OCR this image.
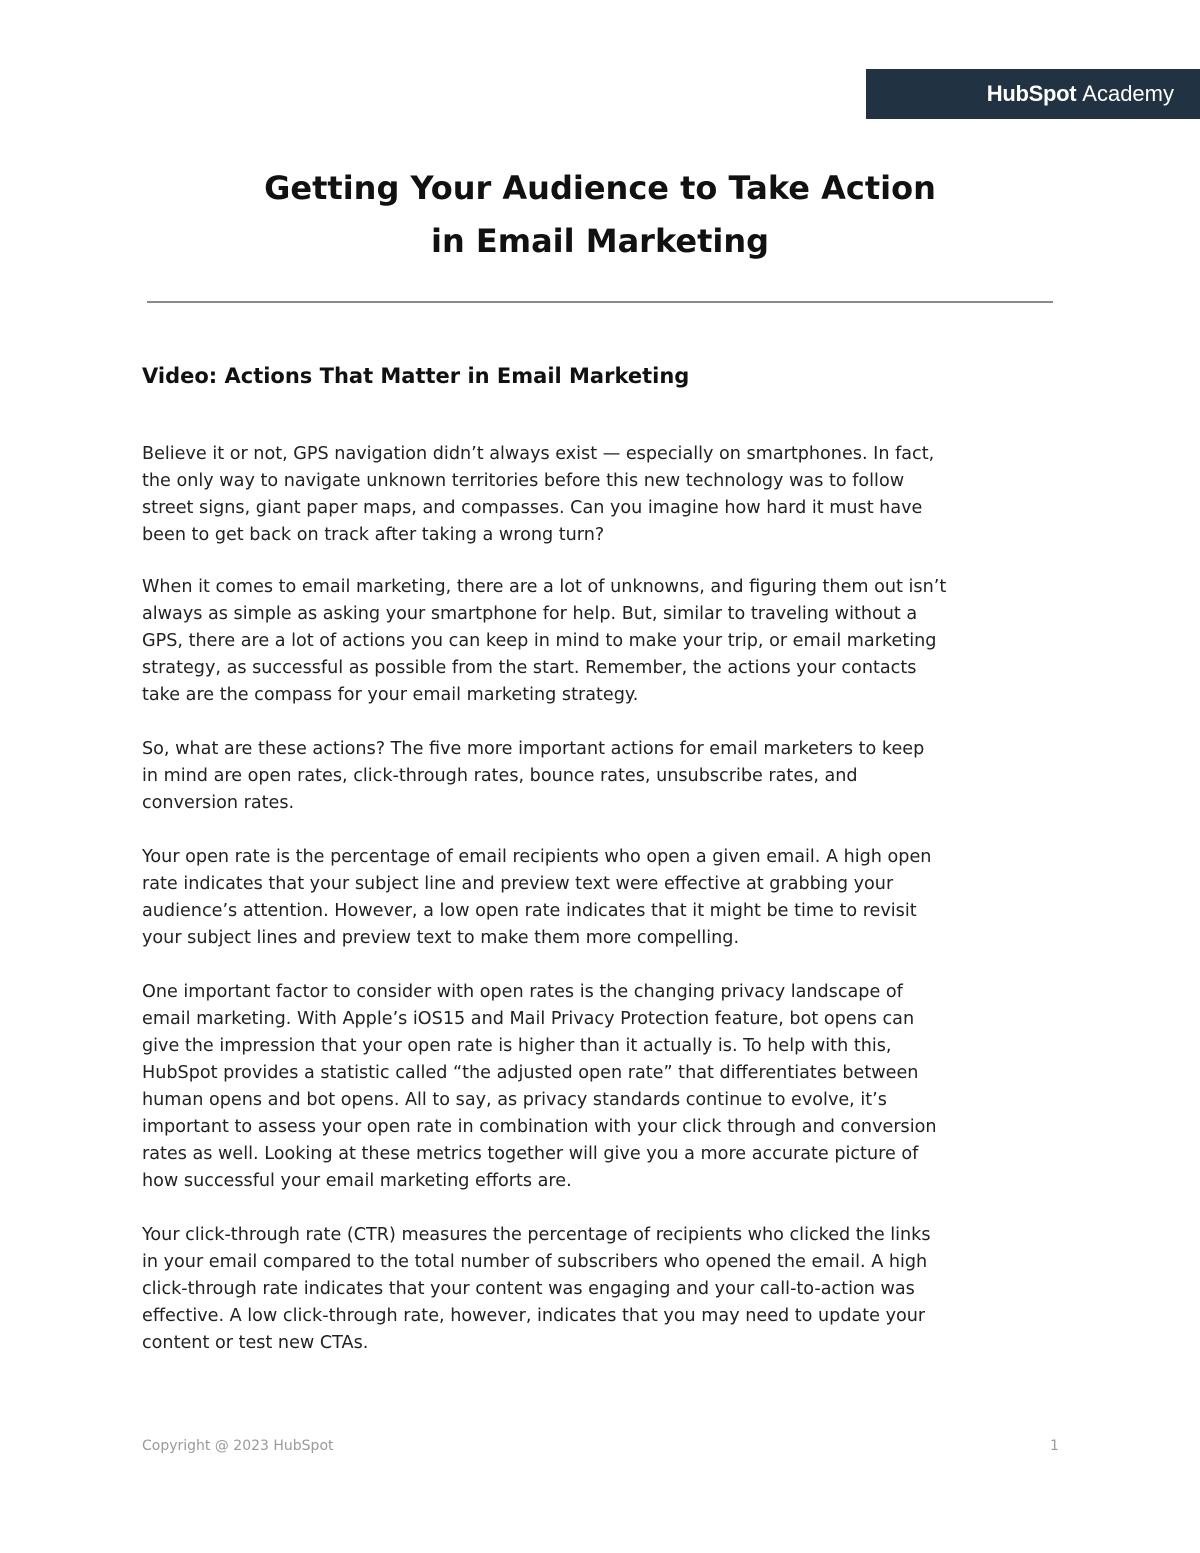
HubSpot Academy
Getting Your Audience to Take Action
in Email Marketing
Video: Actions That Matter in Email Marketing
Believe it or not, GPS navigation didn’t always exist — especially on smartphones. In fact,
the only way to navigate unknown territories before this new technology was to follow
street signs, giant paper maps, and compasses. Can you imagine how hard it must have
been to get back on track after taking a wrong turn?
When it comes to email marketing, there are a lot of unknowns, and figuring them out isn’t
always as simple as asking your smartphone for help. But, similar to traveling without a
GPS, there are a lot of actions you can keep in mind to make your trip, or email marketing
strategy, as successful as possible from the start. Remember, the actions your contacts
take are the compass for your email marketing strategy.
So, what are these actions? The five more important actions for email marketers to keep
in mind are open rates, click-through rates, bounce rates, unsubscribe rates, and
conversion rates.
Your open rate is the percentage of email recipients who open a given email. A high open
rate indicates that your subject line and preview text were effective at grabbing your
audience’s attention. However, a low open rate indicates that it might be time to revisit
your subject lines and preview text to make them more compelling.
One important factor to consider with open rates is the changing privacy landscape of
email marketing. With Apple’s iOS15 and Mail Privacy Protection feature, bot opens can
give the impression that your open rate is higher than it actually is. To help with this,
HubSpot provides a statistic called “the adjusted open rate” that differentiates between
human opens and bot opens. All to say, as privacy standards continue to evolve, it’s
important to assess your open rate in combination with your click through and conversion
rates as well. Looking at these metrics together will give you a more accurate picture of
how successful your email marketing efforts are.
Your click-through rate (CTR) measures the percentage of recipients who clicked the links
in your email compared to the total number of subscribers who opened the email. A high
click-through rate indicates that your content was engaging and your call-to-action was
effective. A low click-through rate, however, indicates that you may need to update your
content or test new CTAs.
Copyright @ 2023 HubSpot	1
